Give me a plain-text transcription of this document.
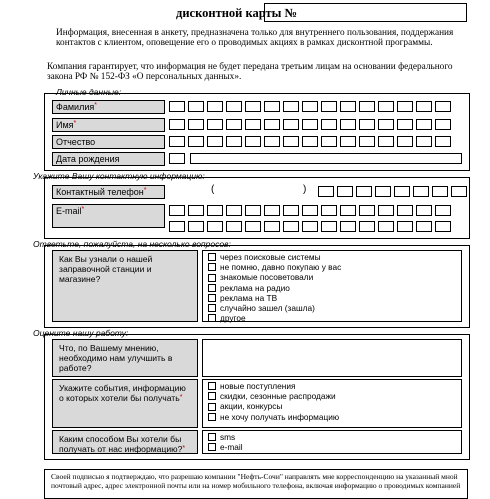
дисконтной карты №

Информация, внесенная в анкету, предназначена только для внутреннего пользования, поддержания контактов с клиентом, оповещение его о проводимых акциях в рамках дисконтной программы.

Компания гарантирует, что информация не будет передана третьим лицам на основании федерального закона РФ № 152-ФЗ «О персональных данных».
Личные данные:
Фамилия*
Имя*
Отчество
Дата рождения
Укажите Вашу контактную информацию:
Контактный телефон*	(	)
E-mail*
Ответьте, пожалуйста, на несколько вопросов:
Как Вы узнали о нашей заправочной станции и магазине?
через поисковые системы
не помню, давно покупаю у вас
знакомые посоветовали
реклама на радио
реклама на ТВ
случайно зашел (зашла)
другое
Оцените нашу работу:
Что, по Вашему мнению, необходимо нам улучшить в работе?
Укажите события, информацию о которых хотели бы получать*
новые поступления
скидки, сезонные распродажи
акции, конкурсы
не хочу получать информацию
Каким способом Вы хотели бы получать от нас информацию?*
sms
e-mail
Своей подписью я подтверждаю, что разрешаю компании "Нефть-Сочи" направлять мне корреспонденцию на указанный мной почтовый адрес, адрес электронной почты или на номер мобильного телефона, включая информацию о проводимых компанией
